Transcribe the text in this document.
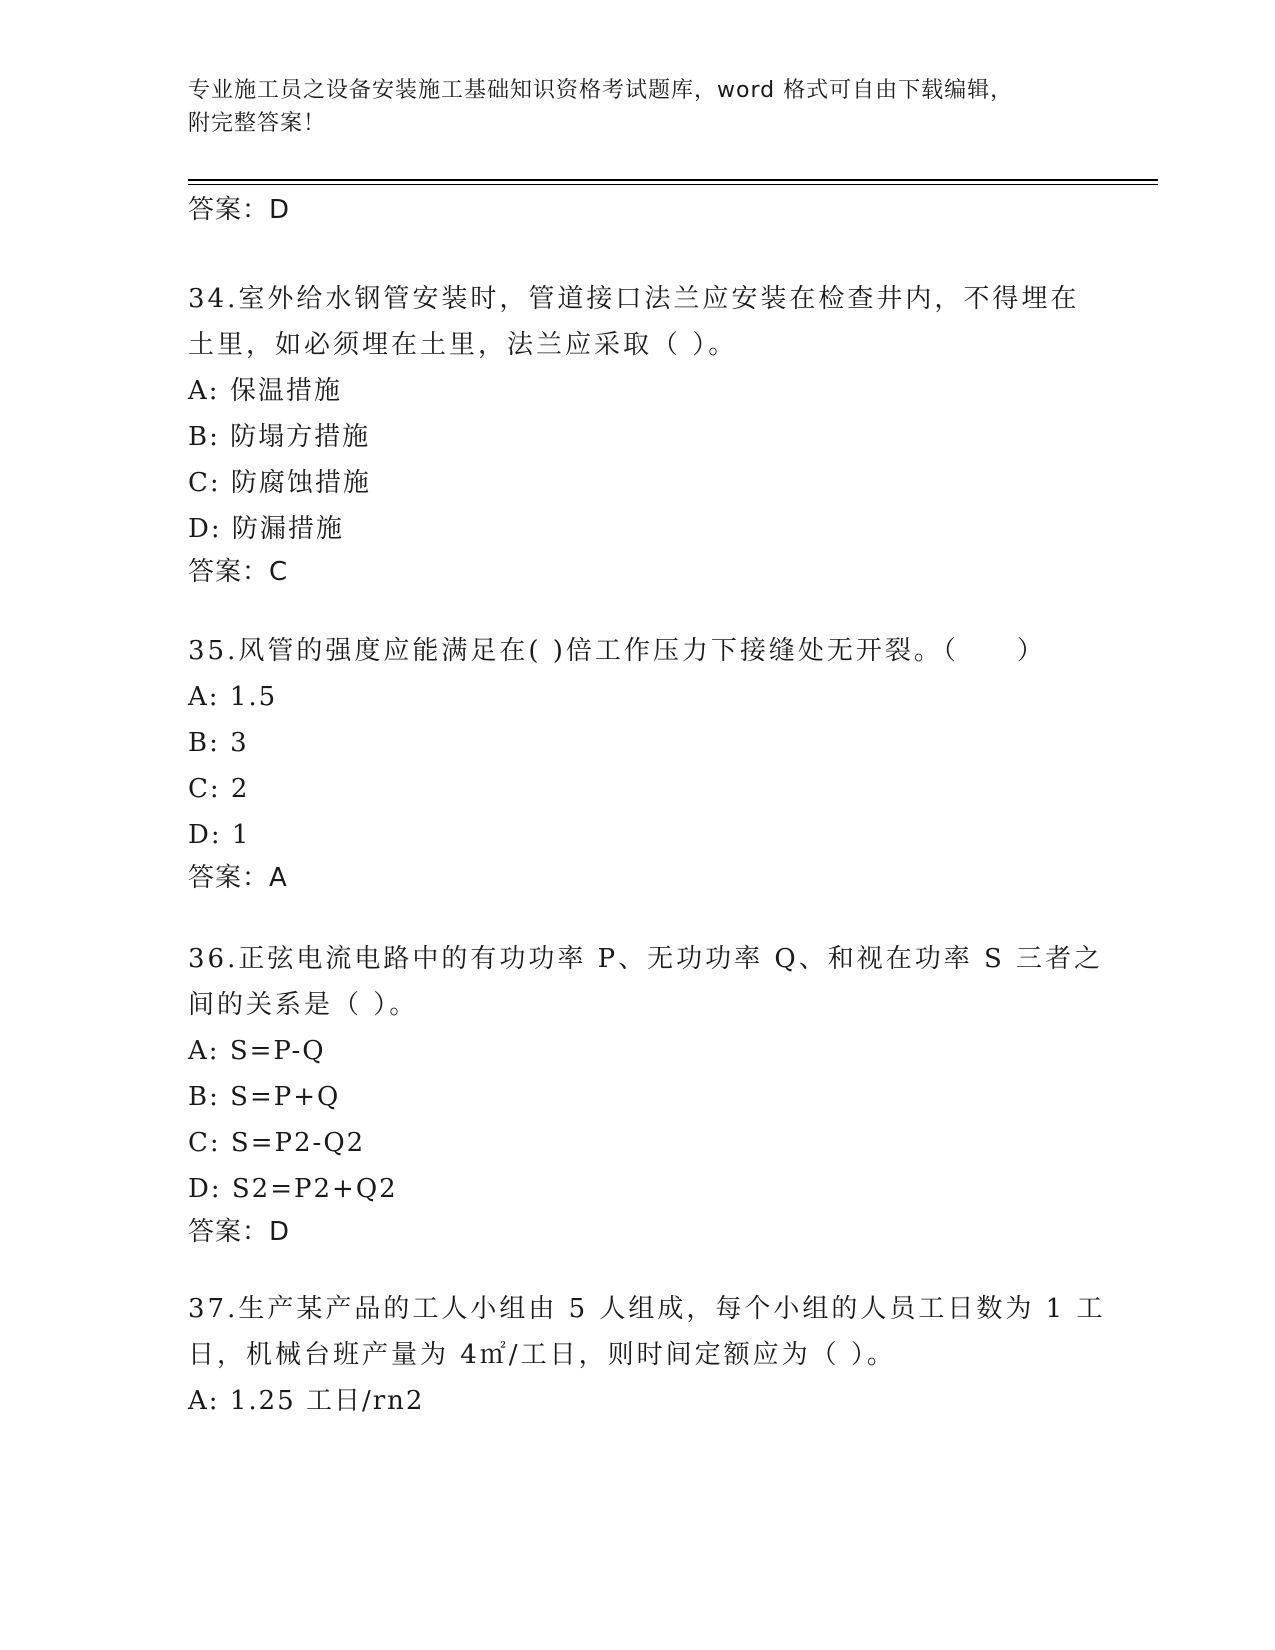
专业施工员之设备安装施工基础知识资格考试题库，word 格式可自由下载编辑，
附完整答案！
答案：D
34.室外给水钢管安装时，管道接口法兰应安装在检查井内，不得埋在
土里，如必须埋在土里，法兰应采取（ ）。
A: 保温措施
B: 防塌方措施
C: 防腐蚀措施
D: 防漏措施
答案：C
35.风管的强度应能满足在( )倍工作压力下接缝处无开裂。（　　）
A: 1.5
B: 3
C: 2
D: 1
答案：A
36.正弦电流电路中的有功功率 P、无功功率 Q、和视在功率 S 三者之
间的关系是（ ）。
A: S=P-Q
B: S=P+Q
C: S=P2-Q2
D: S2=P2+Q2
答案：D
37.生产某产品的工人小组由 5 人组成，每个小组的人员工日数为 1 工
日，机械台班产量为 4㎡/工日，则时间定额应为（ ）。
A: 1.25 工日/rn2
